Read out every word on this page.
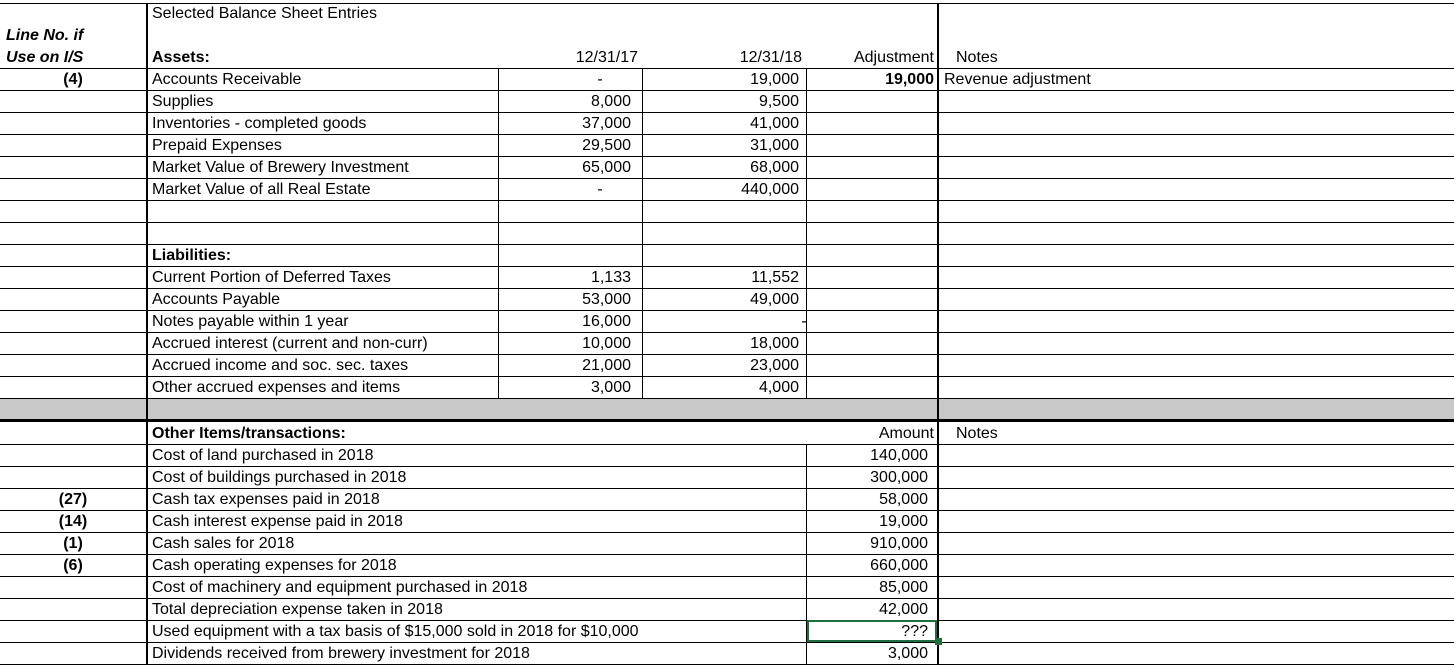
Selected Balance Sheet Entries
Line No. if
Use on I/S	Assets:	12/31/17	12/31/18	Adjustment Notes
(4)	Accounts Receivable	-	19,000	19,000 Revenue adjustment
Supplies	8,000	9,500
Inventories - completed goods	37,000	41,000
Prepaid Expenses	29,500	31,000
Market Value of Brewery Investment	65,000	68,000
Market Value of all Real Estate	-	440,000
Liabilities:
Current Portion of Deferred Taxes	1,133	11,552
Accounts Payable	53,000	49,000
Notes payable within 1 year	16,000	-
Accrued interest (current and non-curr)	10,000	18,000
Accrued income and soc. sec. taxes	21,000	23,000
Other accrued expenses and items	3,000	4,000
Other Items/transactions:	Amount Notes
Cost of land purchased in 2018	140,000
Cost of buildings purchased in 2018	300,000
(27)	Cash tax expenses paid in 2018	58,000
(14)	Cash interest expense paid in 2018	19,000
(1)	Cash sales for 2018	910,000
(6)	Cash operating expenses for 2018	660,000
Cost of machinery and equipment purchased in 2018	85,000
Total depreciation expense taken in 2018	42,000
Used equipment with a tax basis of $15,000 sold in 2018 for $10,000	???
Dividends received from brewery investment for 2018	3,000
